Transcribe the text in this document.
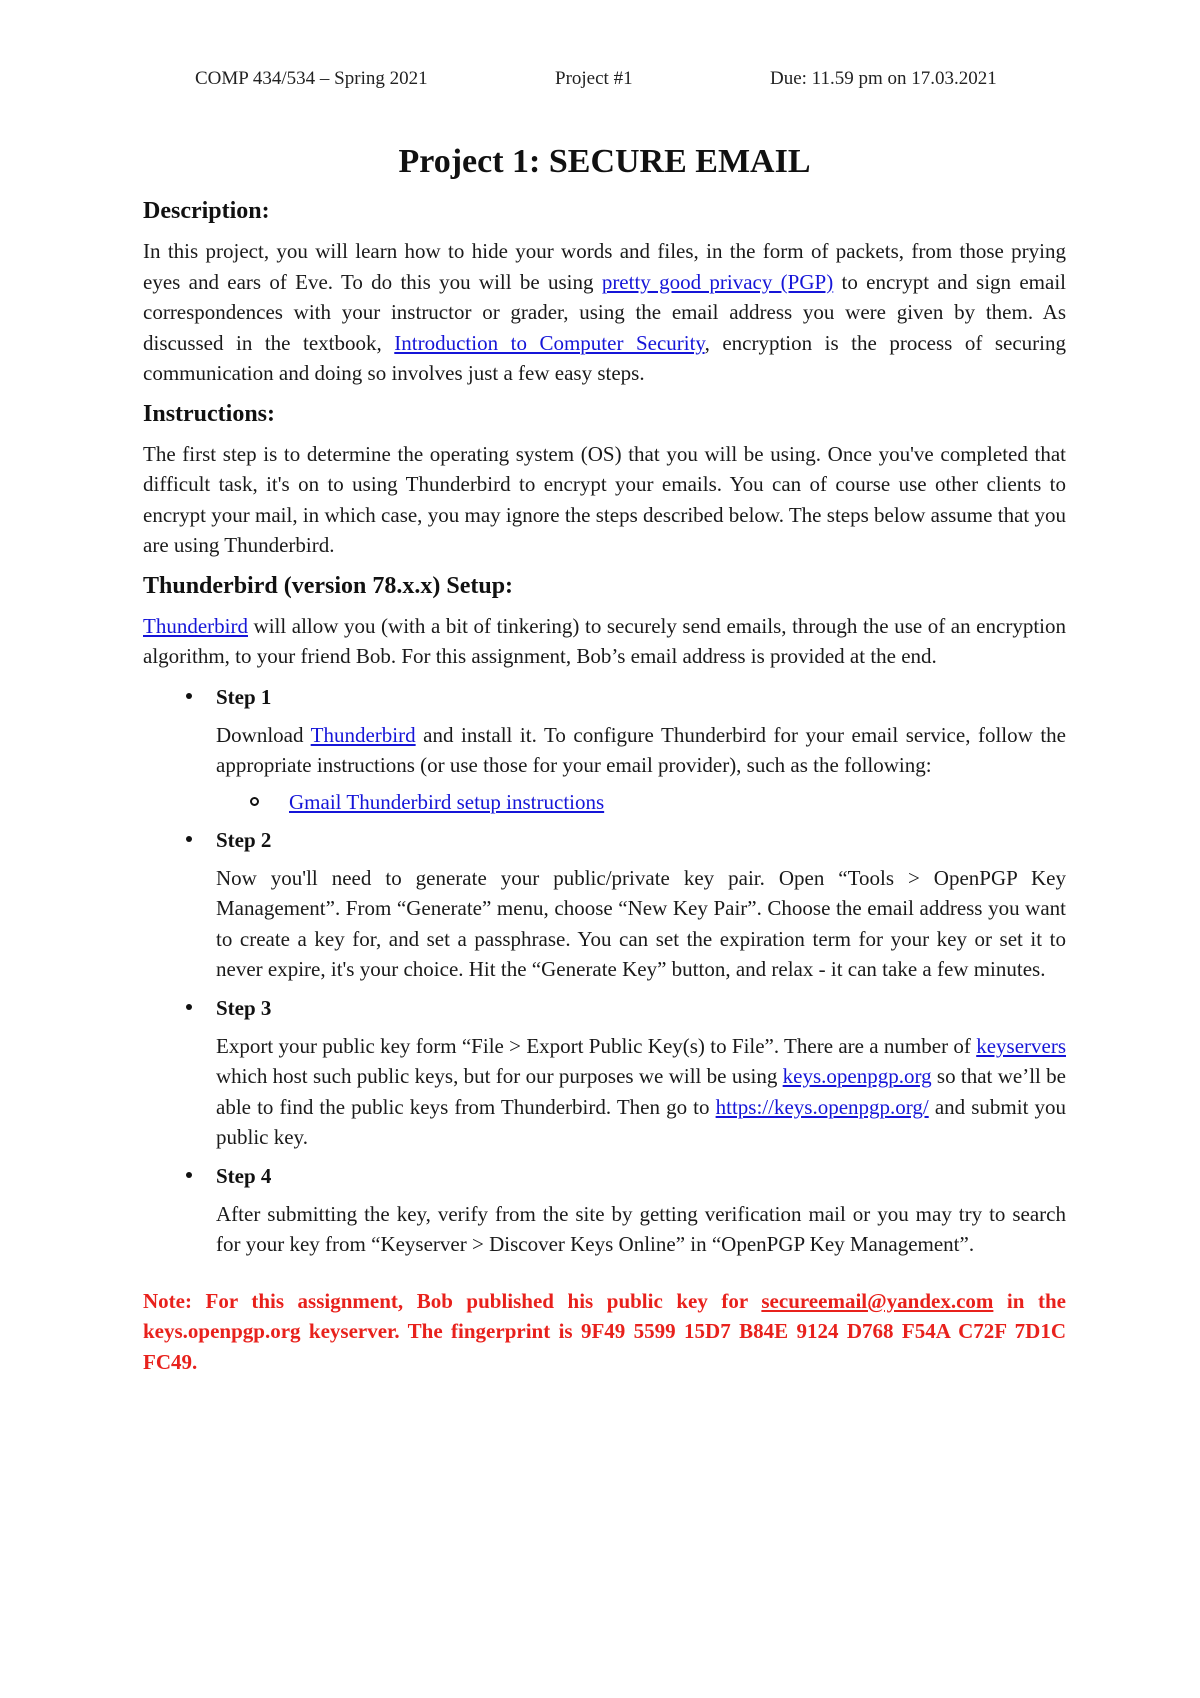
COMP 434/534 – Spring 2021	Project #1	Due: 11.59 pm on 17.03.2021
Project 1: SECURE EMAIL
Description:

In this project, you will learn how to hide your words and files, in the form of packets, from those prying eyes and ears of Eve. To do this you will be using pretty good privacy (PGP) to encrypt and sign email correspondences with your instructor or grader, using the email address you were given by them. As discussed in the textbook, Introduction to Computer Security, encryption is the process of securing communication and doing so involves just a few easy steps.

Instructions:

The first step is to determine the operating system (OS) that you will be using. Once you've completed that difficult task, it's on to using Thunderbird to encrypt your emails. You can of course use other clients to encrypt your mail, in which case, you may ignore the steps described below. The steps below assume that you are using Thunderbird.

Thunderbird (version 78.x.x) Setup:

Thunderbird will allow you (with a bit of tinkering) to securely send emails, through the use of an encryption algorithm, to your friend Bob. For this assignment, Bob’s email address is provided at the end.

Step 1

Download Thunderbird and install it. To configure Thunderbird for your email service, follow the appropriate instructions (or use those for your email provider), such as the following:

Gmail Thunderbird setup instructions
Step 2

Now you'll need to generate your public/private key pair. Open “Tools > OpenPGP Key Management”. From “Generate” menu, choose “New Key Pair”. Choose the email address you want to create a key for, and set a passphrase. You can set the expiration term for your key or set it to never expire, it's your choice. Hit the “Generate Key” button, and relax - it can take a few minutes.

Step 3

Export your public key form “File > Export Public Key(s) to File”. There are a number of keyservers which host such public keys, but for our purposes we will be using keys.openpgp.org so that we’ll be able to find the public keys from Thunderbird. Then go to https://keys.openpgp.org/ and submit you public key.

Step 4

After submitting the key, verify from the site by getting verification mail or you may try to search for your key from “Keyserver > Discover Keys Online” in “OpenPGP Key Management”.

Note: For this assignment, Bob published his public key for secureemail@yandex.com in the keys.openpgp.org keyserver. The fingerprint is 9F49 5599 15D7 B84E 9124 D768 F54A C72F 7D1C FC49.
